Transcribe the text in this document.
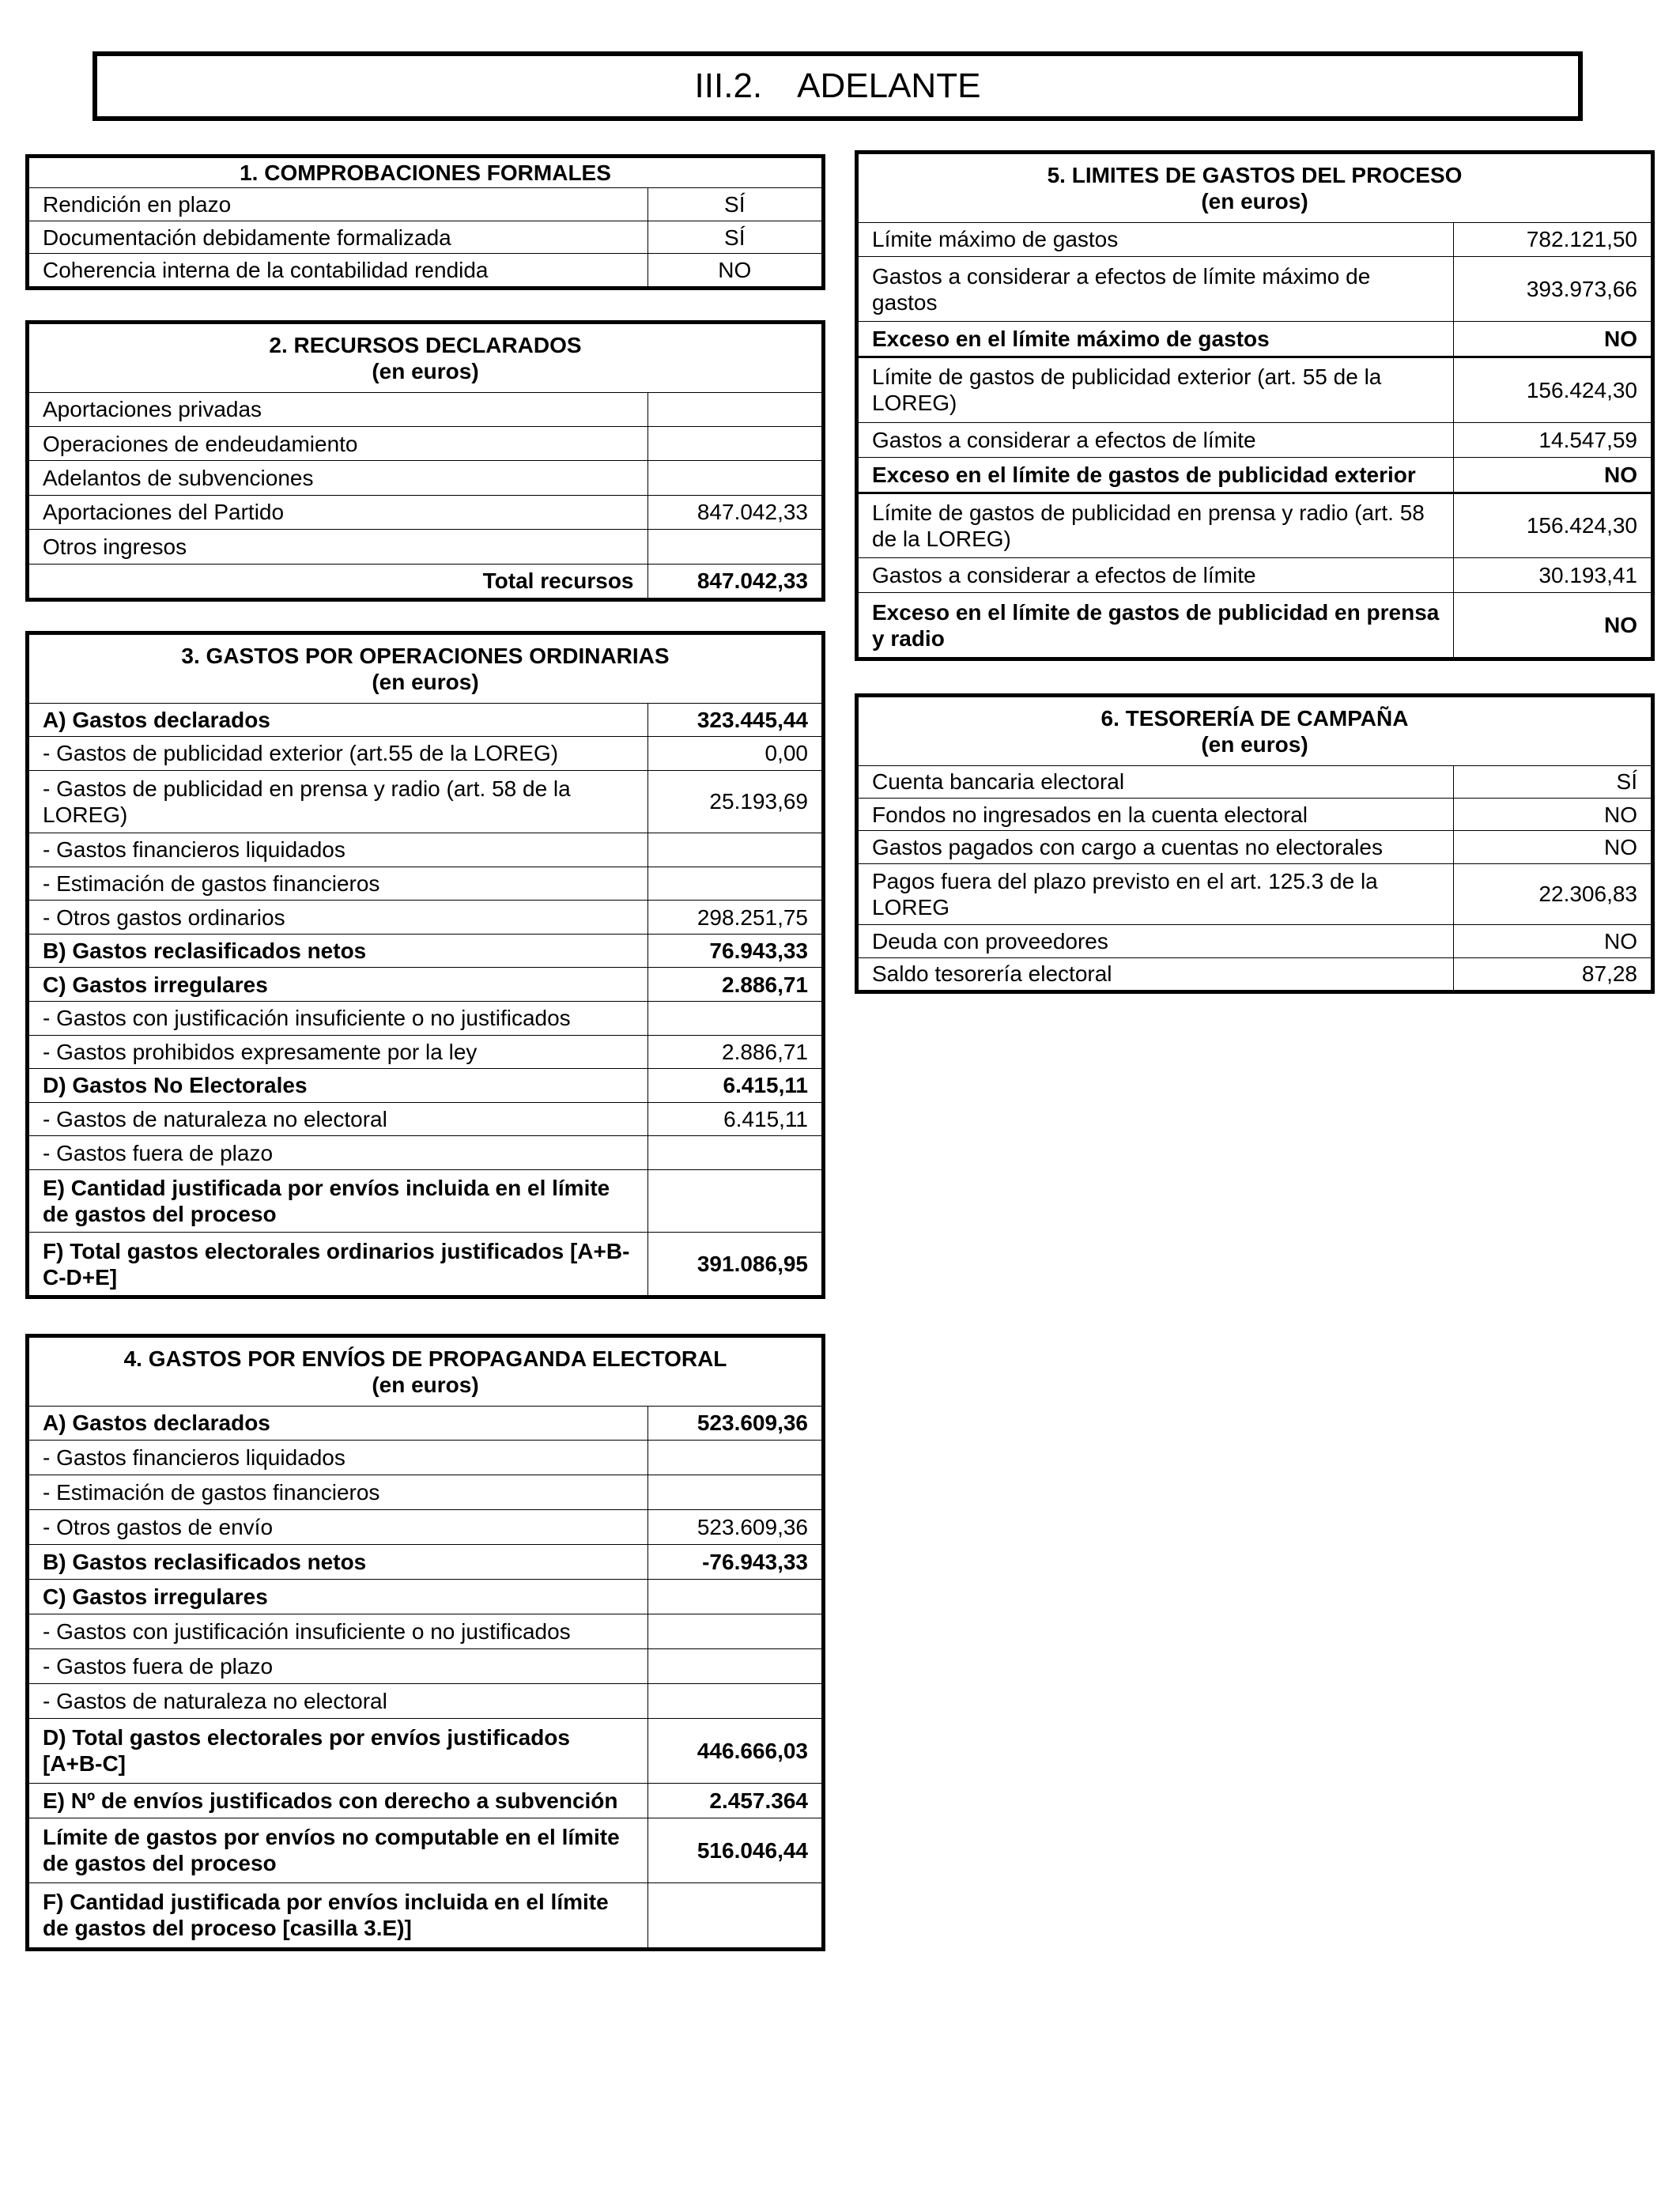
III.2. ADELANTE
1. COMPROBACIONES FORMALES	
Rendición en plazo	SÍ
Documentación debidamente formalizada	SÍ
Coherencia interna de la contabilidad rendida	NO
2. RECURSOS DECLARADOS
(en euros)	

Aportaciones privadas	
Operaciones de endeudamiento	
Adelantos de subvenciones	
Aportaciones del Partido	847.042,33
Otros ingresos	
Total recursos	847.042,33
3. GASTOS POR OPERACIONES ORDINARIAS
(en euros)	

A) Gastos declarados	323.445,44
- Gastos de publicidad exterior (art.55 de la LOREG)	0,00
- Gastos de publicidad en prensa y radio (art. 58 de la LOREG)	25.193,69
- Gastos financieros liquidados	
- Estimación de gastos financieros	
- Otros gastos ordinarios	298.251,75
B) Gastos reclasificados netos	76.943,33
C) Gastos irregulares	2.886,71
- Gastos con justificación insuficiente o no justificados	
- Gastos prohibidos expresamente por la ley	2.886,71
D) Gastos No Electorales	6.415,11
- Gastos de naturaleza no electoral	6.415,11
- Gastos fuera de plazo	
E) Cantidad justificada por envíos incluida en el límite de gastos del proceso	
F) Total gastos electorales ordinarios justificados [A+B-C-D+E]	391.086,95
4. GASTOS POR ENVÍOS DE PROPAGANDA ELECTORAL
(en euros)	

A) Gastos declarados	523.609,36
- Gastos financieros liquidados	
- Estimación de gastos financieros	
- Otros gastos de envío	523.609,36
B) Gastos reclasificados netos	-76.943,33
C) Gastos irregulares	
- Gastos con justificación insuficiente o no justificados	
- Gastos fuera de plazo	
- Gastos de naturaleza no electoral	
D) Total gastos electorales por envíos justificados [A+B-C]	446.666,03
E) Nº de envíos justificados con derecho a subvención	2.457.364
Límite de gastos por envíos no computable en el límite de gastos del proceso	516.046,44
F) Cantidad justificada por envíos incluida en el límite de gastos del proceso [casilla 3.E)]	
5. LIMITES DE GASTOS DEL PROCESO
(en euros)	

Límite máximo de gastos	782.121,50
Gastos a considerar a efectos de límite máximo de gastos	393.973,66
Exceso en el límite máximo de gastos	NO
Límite de gastos de publicidad exterior (art. 55 de la LOREG)	156.424,30
Gastos a considerar a efectos de límite	14.547,59
Exceso en el límite de gastos de publicidad exterior	NO
Límite de gastos de publicidad en prensa y radio (art. 58 de la LOREG)	156.424,30
Gastos a considerar a efectos de límite	30.193,41
Exceso en el límite de gastos de publicidad en prensa y radio	NO
6. TESORERÍA DE CAMPAÑA
(en euros)	

Cuenta bancaria electoral	SÍ
Fondos no ingresados en la cuenta electoral	NO
Gastos pagados con cargo a cuentas no electorales	NO
Pagos fuera del plazo previsto en el art. 125.3 de la LOREG	22.306,83
Deuda con proveedores	NO
Saldo tesorería electoral	87,28
